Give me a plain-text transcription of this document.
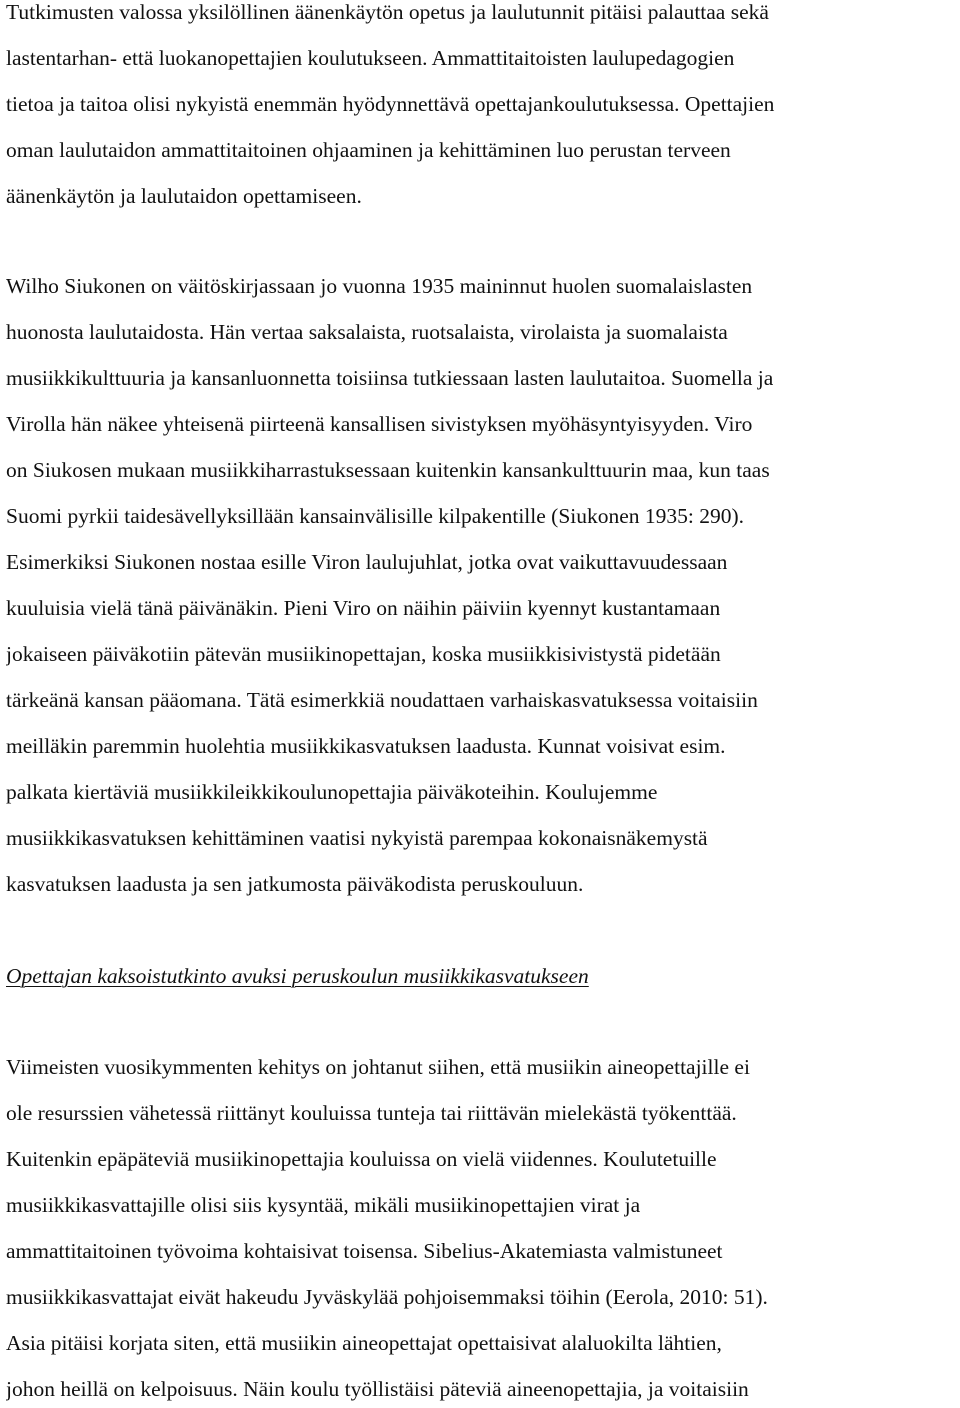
Tutkimusten valossa yksilöllinen äänenkäytön opetus ja laulutunnit pitäisi palauttaa sekä
lastentarhan- että luokanopettajien koulutukseen. Ammattitaitoisten laulupedagogien
tietoa ja taitoa olisi nykyistä enemmän hyödynnettävä opettajankoulutuksessa. Opettajien
oman laulutaidon ammattitaitoinen ohjaaminen ja kehittäminen luo perustan terveen
äänenkäytön ja laulutaidon opettamiseen.
Wilho Siukonen on väitöskirjassaan jo vuonna 1935 maininnut huolen suomalaislasten
huonosta laulutaidosta. Hän vertaa saksalaista, ruotsalaista, virolaista ja suomalaista
musiikkikulttuuria ja kansanluonnetta toisiinsa tutkiessaan lasten laulutaitoa. Suomella ja
Virolla hän näkee yhteisenä piirteenä kansallisen sivistyksen myöhäsyntyisyyden. Viro
on Siukosen mukaan musiikkiharrastuksessaan kuitenkin kansankulttuurin maa, kun taas
Suomi pyrkii taidesävellyksillään kansainvälisille kilpakentille (Siukonen 1935: 290).
Esimerkiksi Siukonen nostaa esille Viron laulujuhlat, jotka ovat vaikuttavuudessaan
kuuluisia vielä tänä päivänäkin. Pieni Viro on näihin päiviin kyennyt kustantamaan
jokaiseen päiväkotiin pätevän musiikinopettajan, koska musiikkisivistystä pidetään
tärkeänä kansan pääomana. Tätä esimerkkiä noudattaen varhaiskasvatuksessa voitaisiin
meilläkin paremmin huolehtia musiikkikasvatuksen laadusta. Kunnat voisivat esim.
palkata kiertäviä musiikkileikkikoulunopettajia päiväkoteihin. Koulujemme
musiikkikasvatuksen kehittäminen vaatisi nykyistä parempaa kokonaisnäkemystä
kasvatuksen laadusta ja sen jatkumosta päiväkodista peruskouluun.
Opettajan kaksoistutkinto avuksi peruskoulun musiikkikasvatukseen
Viimeisten vuosikymmenten kehitys on johtanut siihen, että musiikin aineopettajille ei
ole resurssien vähetessä riittänyt kouluissa tunteja tai riittävän mielekästä työkenttää.
Kuitenkin epäpäteviä musiikinopettajia kouluissa on vielä viidennes. Koulutetuille
musiikkikasvattajille olisi siis kysyntää, mikäli musiikinopettajien virat ja
ammattitaitoinen työvoima kohtaisivat toisensa. Sibelius-Akatemiasta valmistuneet
musiikkikasvattajat eivät hakeudu Jyväskylää pohjoisemmaksi töihin (Eerola, 2010: 51).
Asia pitäisi korjata siten, että musiikin aineopettajat opettaisivat alaluokilta lähtien,
johon heillä on kelpoisuus. Näin koulu työllistäisi päteviä aineenopettajia, ja voitaisiin
